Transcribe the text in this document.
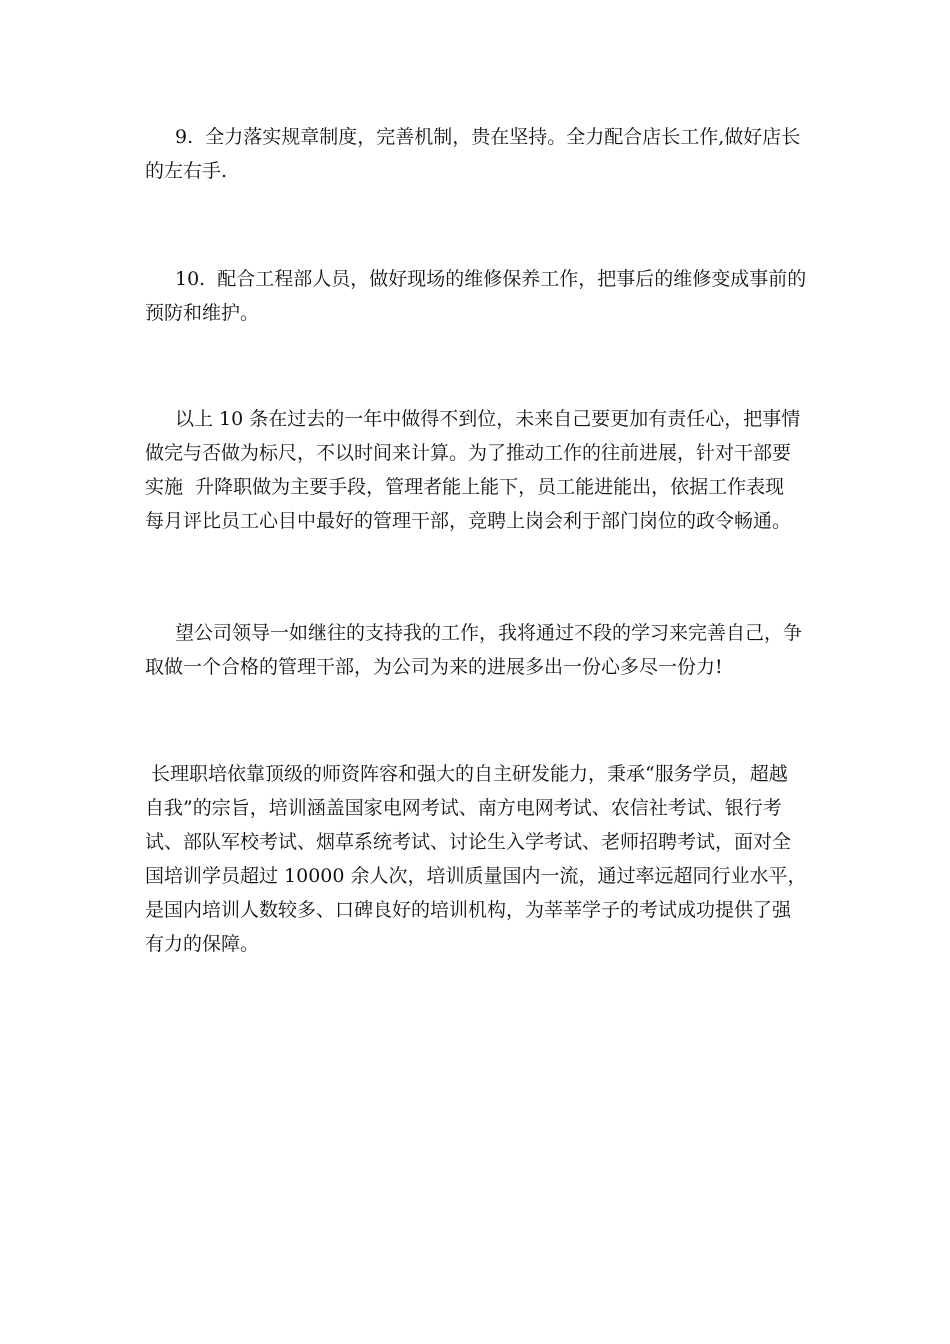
9.  全力落实规章制度，完善机制，贵在坚持。全力配合店长工作,做好店长
的左右手.

10.  配合工程部人员，做好现场的维修保养工作，把事后的维修变成事前的
预防和维护。

以上 10 条在过去的一年中做得不到位，未来自己要更加有责任心，把事情
做完与否做为标尺，不以时间来计算。为了推动工作的往前进展，针对干部要
实施  升降职做为主要手段，管理者能上能下，员工能进能出，依据工作表现
每月评比员工心目中最好的管理干部，竞聘上岗会利于部门岗位的政令畅通。

望公司领导一如继往的支持我的工作，我将通过不段的学习来完善自己，争
取做一个合格的管理干部，为公司为来的进展多出一份心多尽一份力!

长理职培依靠顶级的师资阵容和强大的自主研发能力，秉承“服务学员，超越
自我”的宗旨，培训涵盖国家电网考试、南方电网考试、农信社考试、银行考
试、部队军校考试、烟草系统考试、讨论生入学考试、老师招聘考试，面对全
国培训学员超过 10000 余人次，培训质量国内一流，通过率远超同行业水平，
是国内培训人数较多、口碑良好的培训机构，为莘莘学子的考试成功提供了强
有力的保障。
